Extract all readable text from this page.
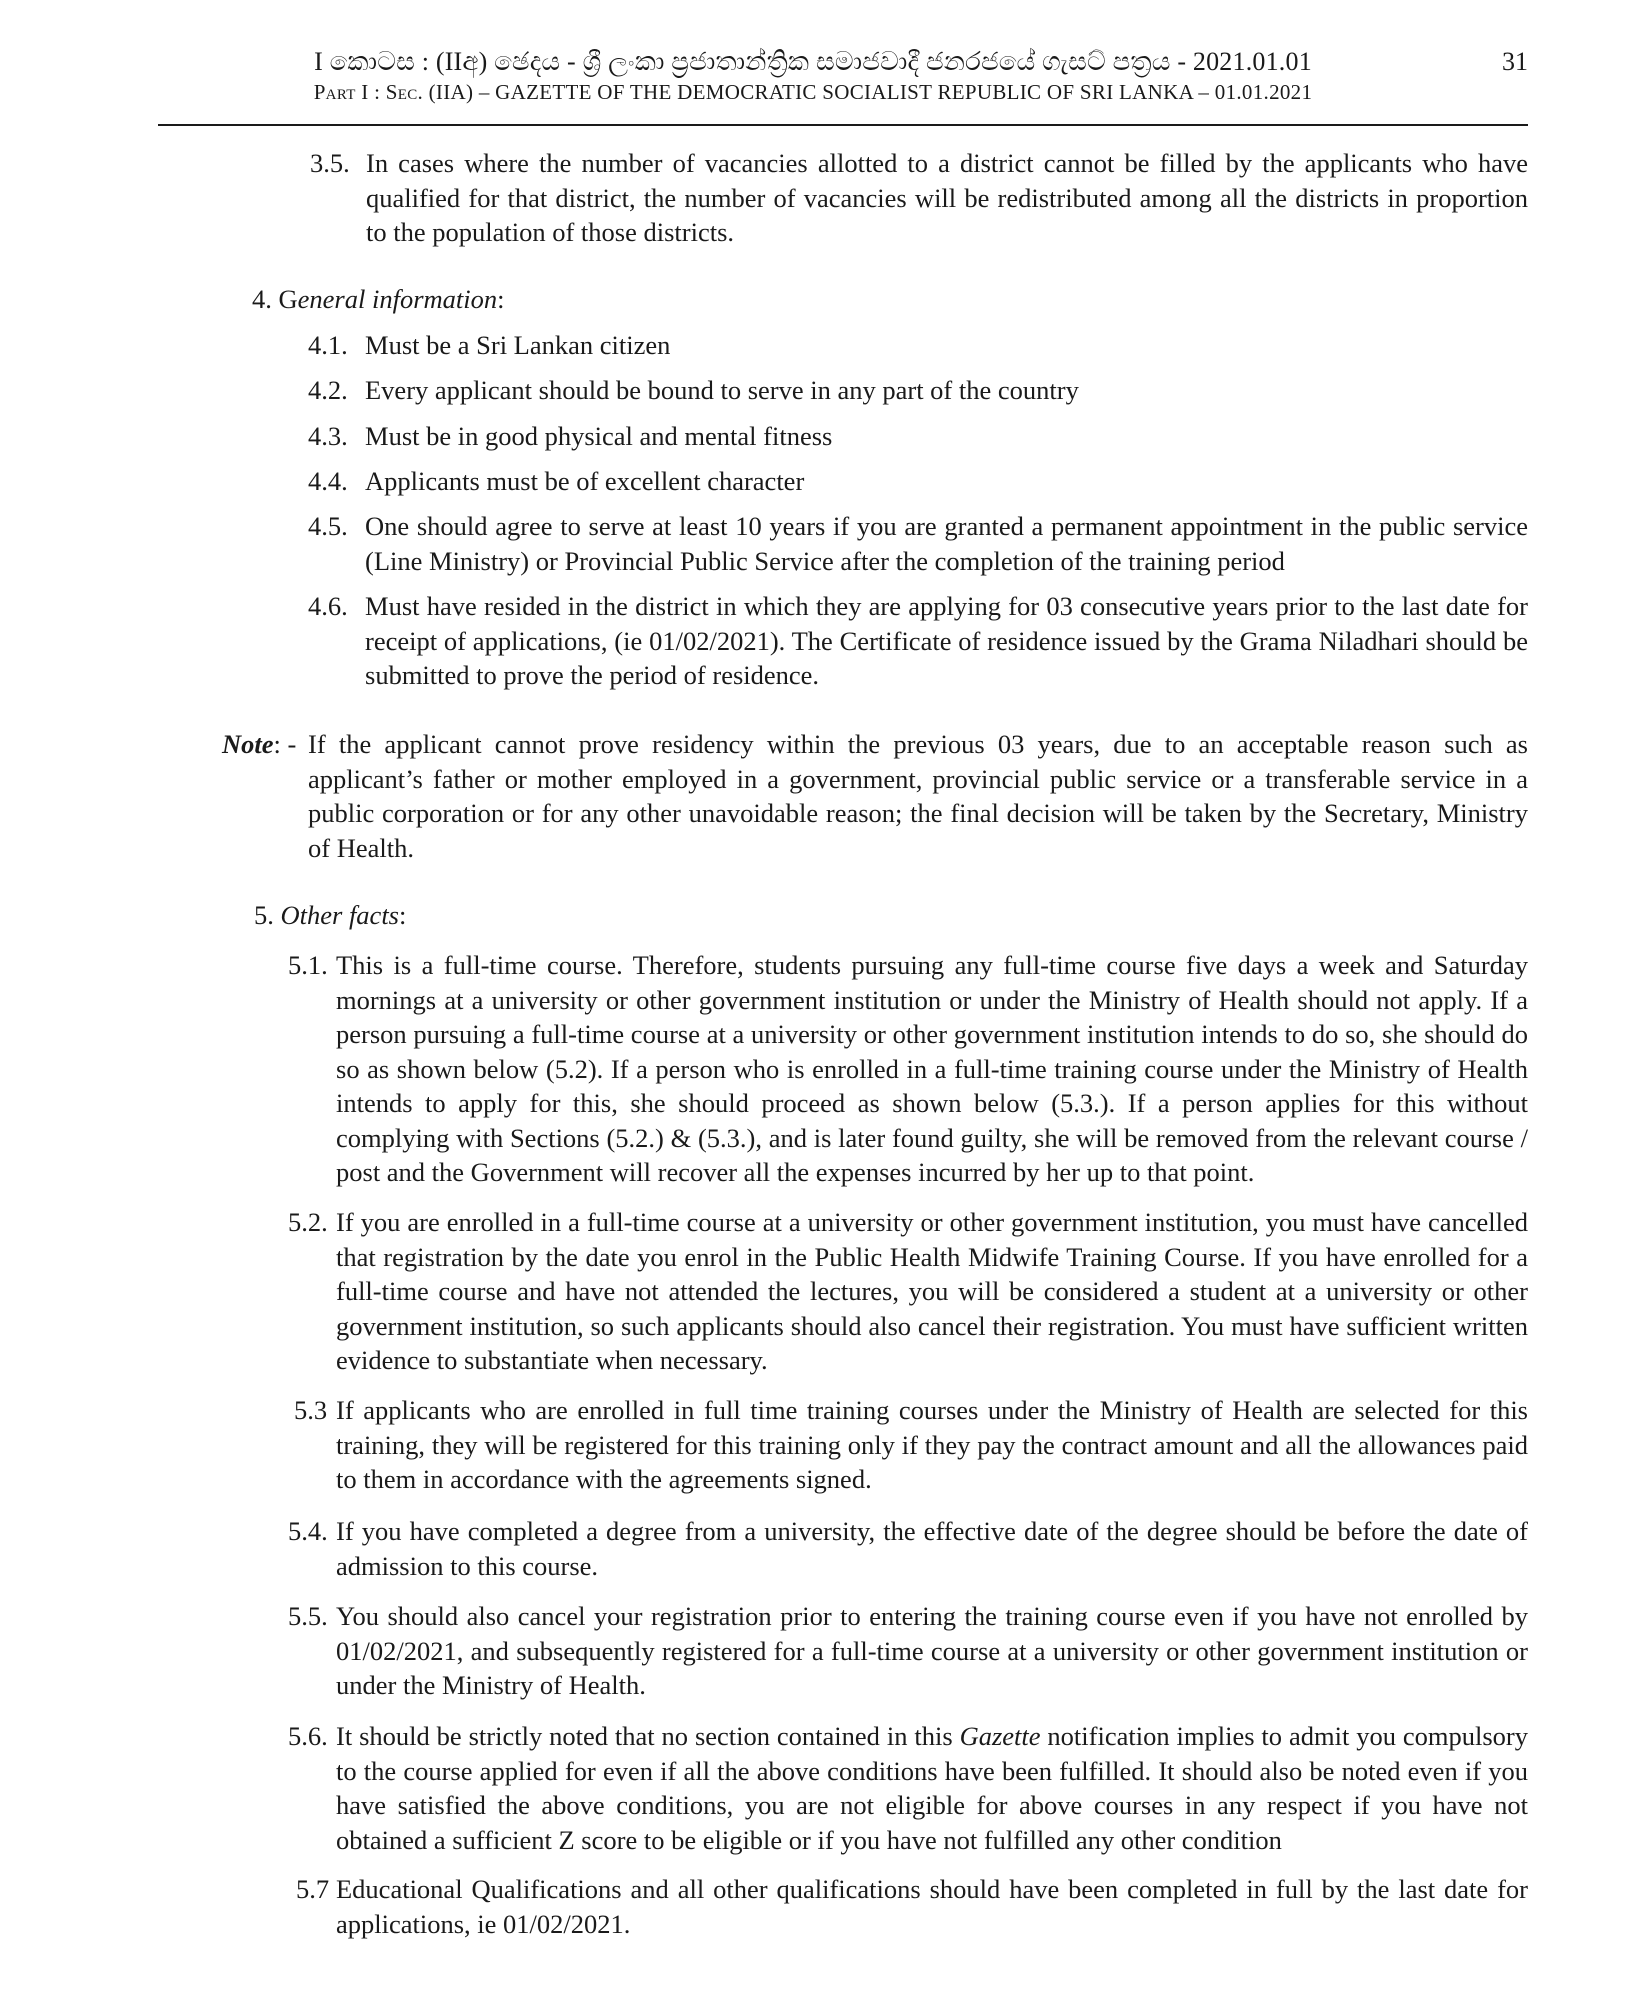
I කොටස : (IIඅ) ඡෙදය - ශ්‍රී ලංකා ප්‍රජාතාන්ත්‍රික සමාජවාදී ජනරජයේ ගැසට් පත්‍රය - 2021.01.01
Part I : Sec. (IIA) – GAZETTE OF THE DEMOCRATIC SOCIALIST REPUBLIC OF SRI LANKA – 01.01.2021
31
3.5. In cases where the number of vacancies allotted to a district cannot be filled by the applicants who have qualified for that district, the number of vacancies will be redistributed among all the districts in proportion to the population of those districts.
4. General information:
4.1. Must be a Sri Lankan citizen
4.2. Every applicant should be bound to serve in any part of the country
4.3. Must be in good physical and mental fitness
4.4. Applicants must be of excellent character
4.5. One should agree to serve at least 10 years if you are granted a permanent appointment in the public service (Line Ministry) or Provincial Public Service after the completion of the training period
4.6. Must have resided in the district in which they are applying for 03 consecutive years prior to the last date for receipt of applications, (ie 01/02/2021). The Certificate of residence issued by the Grama Niladhari should be submitted to prove the period of residence.
Note: - If the applicant cannot prove residency within the previous 03 years, due to an acceptable reason such as applicant’s father or mother employed in a government, provincial public service or a transferable service in a public corporation or for any other unavoidable reason; the final decision will be taken by the Secretary, Ministry of Health.
5. Other facts:
5.1. This is a full-time course. Therefore, students pursuing any full-time course five days a week and Saturday mornings at a university or other government institution or under the Ministry of Health should not apply. If a person pursuing a full-time course at a university or other government institution intends to do so, she should do so as shown below (5.2). If a person who is enrolled in a full-time training course under the Ministry of Health intends to apply for this, she should proceed as shown below (5.3.). If a person applies for this without complying with Sections (5.2.) & (5.3.), and is later found guilty, she will be removed from the relevant course / post and the Government will recover all the expenses incurred by her up to that point.
5.2. If you are enrolled in a full-time course at a university or other government institution, you must have cancelled that registration by the date you enrol in the Public Health Midwife Training Course. If you have enrolled for a full-time course and have not attended the lectures, you will be considered a student at a university or other government institution, so such applicants should also cancel their registration. You must have sufficient written evidence to substantiate when necessary.
5.3 If applicants who are enrolled in full time training courses under the Ministry of Health are selected for this training, they will be registered for this training only if they pay the contract amount and all the allowances paid to them in accordance with the agreements signed.
5.4. If you have completed a degree from a university, the effective date of the degree should be before the date of admission to this course.
5.5. You should also cancel your registration prior to entering the training course even if you have not enrolled by 01/02/2021, and subsequently registered for a full-time course at a university or other government institution or under the Ministry of Health.
5.6. It should be strictly noted that no section contained in this Gazette notification implies to admit you compulsory to the course applied for even if all the above conditions have been fulfilled. It should also be noted even if you have satisfied the above conditions, you are not eligible for above courses in any respect if you have not obtained a sufficient Z score to be eligible or if you have not fulfilled any other condition
5.7 Educational Qualifications and all other qualifications should have been completed in full by the last date for applications, ie 01/02/2021.
